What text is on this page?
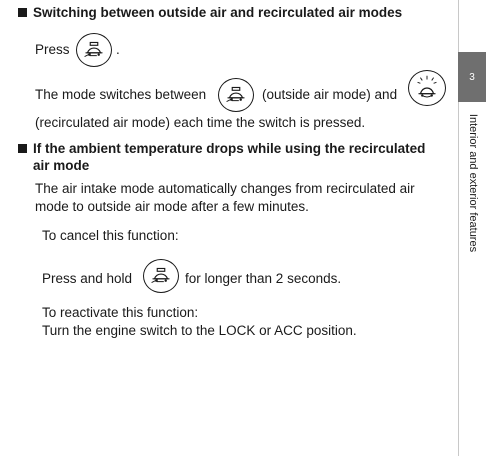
Switching between outside air and recirculated air modes
Press	.
The mode switches between	(outside air mode) and
(recirculated air mode) each time the switch is pressed.
If the ambient temperature drops while using the recirculated
air mode
The air intake mode automatically changes from recirculated air
mode to outside air mode after a few minutes.
To cancel this function:
Press and hold	for longer than 2 seconds.
To reactivate this function:
Turn the engine switch to the LOCK or ACC position.
3
Interior and exterior features
